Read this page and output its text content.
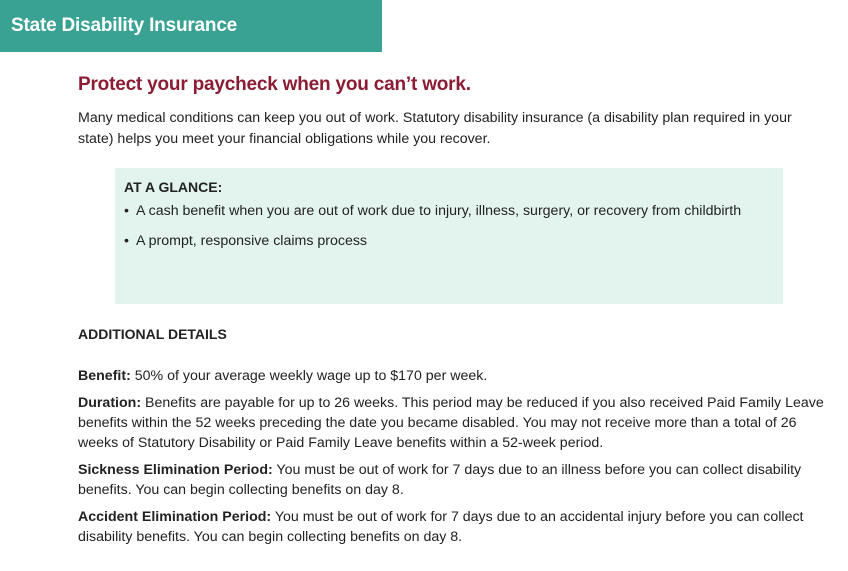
State Disability Insurance
Protect your paycheck when you can’t work.

Many medical conditions can keep you out of work. Statutory disability insurance (a disability plan required in your state) helps you meet your financial obligations while you recover.

AT A GLANCE:

• A cash benefit when you are out of work due to injury, illness, surgery, or recovery from childbirth
• A prompt, responsive claims process

ADDITIONAL DETAILS

Benefit: 50% of your average weekly wage up to $170 per week.

Duration: Benefits are payable for up to 26 weeks. This period may be reduced if you also received Paid Family Leave benefits within the 52 weeks preceding the date you became disabled. You may not receive more than a total of 26 weeks of Statutory Disability or Paid Family Leave benefits within a 52-week period.

Sickness Elimination Period: You must be out of work for 7 days due to an illness before you can collect disability benefits. You can begin collecting benefits on day 8.

Accident Elimination Period: You must be out of work for 7 days due to an accidental injury before you can collect disability benefits. You can begin collecting benefits on day 8.
